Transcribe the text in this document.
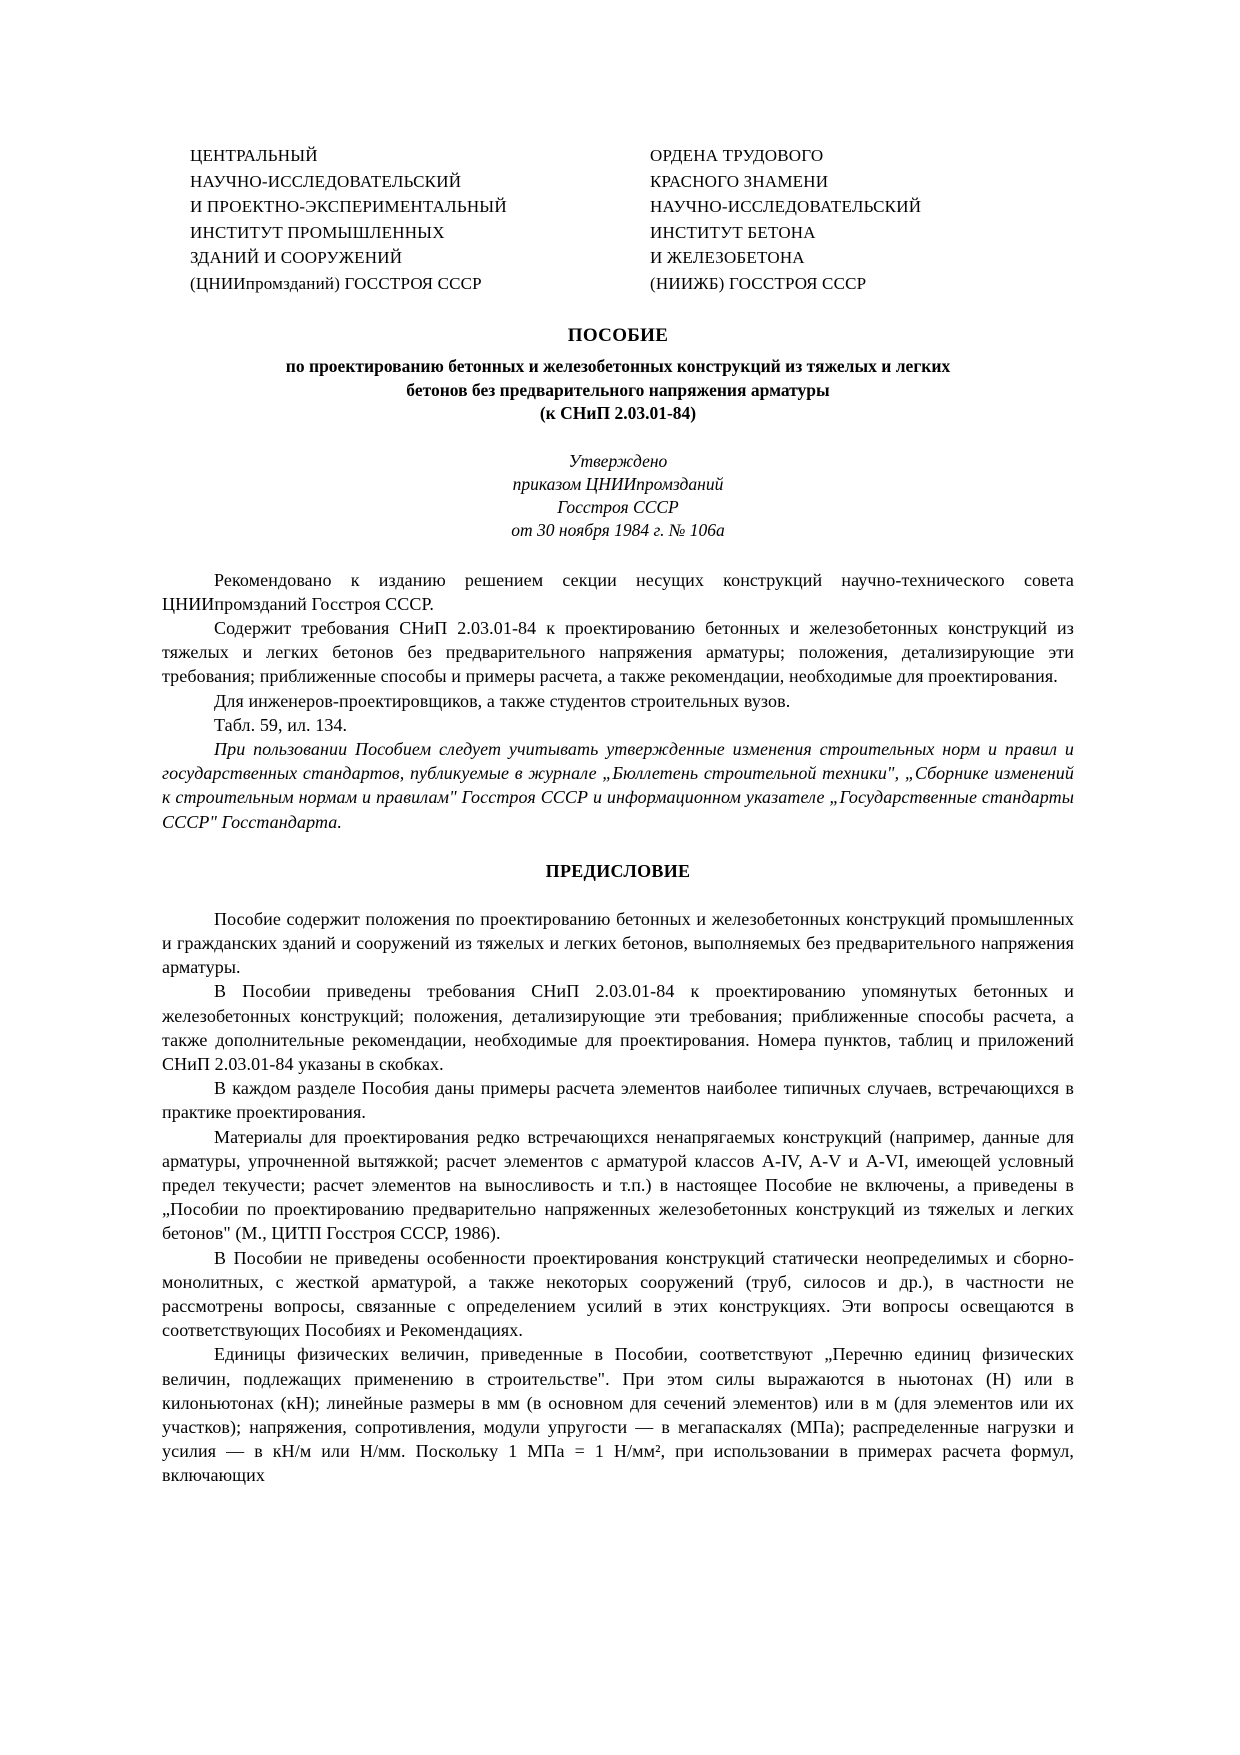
ЦЕНТРАЛЬНЫЙ
НАУЧНО-ИССЛЕДОВАТЕЛЬСКИЙ
И ПРОЕКТНО-ЭКСПЕРИМЕНТАЛЬНЫЙ
ИНСТИТУТ ПРОМЫШЛЕННЫХ
ЗДАНИЙ И СООРУЖЕНИЙ
(ЦНИИпромзданий) ГОССТРОЯ СССР
ОРДЕНА ТРУДОВОГО
КРАСНОГО ЗНАМЕНИ
НАУЧНО-ИССЛЕДОВАТЕЛЬСКИЙ
ИНСТИТУТ БЕТОНА
И ЖЕЛЕЗОБЕТОНА
(НИИЖБ) ГОССТРОЯ СССР
ПОСОБИЕ

по проектированию бетонных и железобетонных конструкций из тяжелых и легких

бетонов без предварительного напряжения арматуры

(к СНиП 2.03.01-84)

Утверждено

приказом ЦНИИпромзданий

Госстроя СССР

от 30 ноября 1984 г. № 106а

Рекомендовано к изданию решением секции несущих конструкций научно-технического совета ЦНИИпромзданий Госстроя СССР.

Содержит требования СНиП 2.03.01-84 к проектированию бетонных и железобетонных конструкций из тяжелых и легких бетонов без предварительного напряжения арматуры; положения, детализирующие эти требования; приближенные способы и примеры расчета, а также рекомендации, необходимые для проектирования.

Для инженеров-проектировщиков, а также студентов строительных вузов.

Табл. 59, ил. 134.

При пользовании Пособием следует учитывать утвержденные изменения строительных норм и правил и государственных стандартов, публикуемые в журнале „Бюллетень строительной техники", „Сборнике изменений к строительным нормам и правилам" Госстроя СССР и информационном указателе „Государственные стандарты СССР" Госстандарта.

ПРЕДИСЛОВИЕ

Пособие содержит положения по проектированию бетонных и железобетонных конструкций промышленных и гражданских зданий и сооружений из тяжелых и легких бетонов, выполняемых без предварительного напряжения арматуры.

В Пособии приведены требования СНиП 2.03.01-84 к проектированию упомянутых бетонных и железобетонных конструкций; положения, детализирующие эти требования; приближенные способы расчета, а также дополнительные рекомендации, необходимые для проектирования. Номера пунктов, таблиц и приложений СНиП 2.03.01-84 указаны в скобках.

В каждом разделе Пособия даны примеры расчета элементов наиболее типичных случаев, встречающихся в практике проектирования.

Материалы для проектирования редко встречающихся ненапрягаемых конструкций (например, данные для арматуры, упрочненной вытяжкой; расчет элементов с арматурой классов A-IV, A-V и A-VI, имеющей условный предел текучести; расчет элементов на выносливость и т.п.) в настоящее Пособие не включены, а приведены в „Пособии по проектированию предварительно напряженных железобетонных конструкций из тяжелых и легких бетонов" (М., ЦИТП Госстроя СССР, 1986).

В Пособии не приведены особенности проектирования конструкций статически неопределимых и сборно-монолитных, с жесткой арматурой, а также некоторых сооружений (труб, силосов и др.), в частности не рассмотрены вопросы, связанные с определением усилий в этих конструкциях. Эти вопросы освещаются в соответствующих Пособиях и Рекомендациях.

Единицы физических величин, приведенные в Пособии, соответствуют „Перечню единиц физических величин, подлежащих применению в строительстве". При этом силы выражаются в ньютонах (Н) или в килоньютонах (кН); линейные размеры в мм (в основном для сечений элементов) или в м (для элементов или их участков); напряжения, сопротивления, модули упругости — в мегапаскалях (МПа); распределенные нагрузки и усилия — в кН/м или Н/мм. Поскольку 1 МПа = 1 Н/мм², при использовании в примерах расчета формул, включающих
